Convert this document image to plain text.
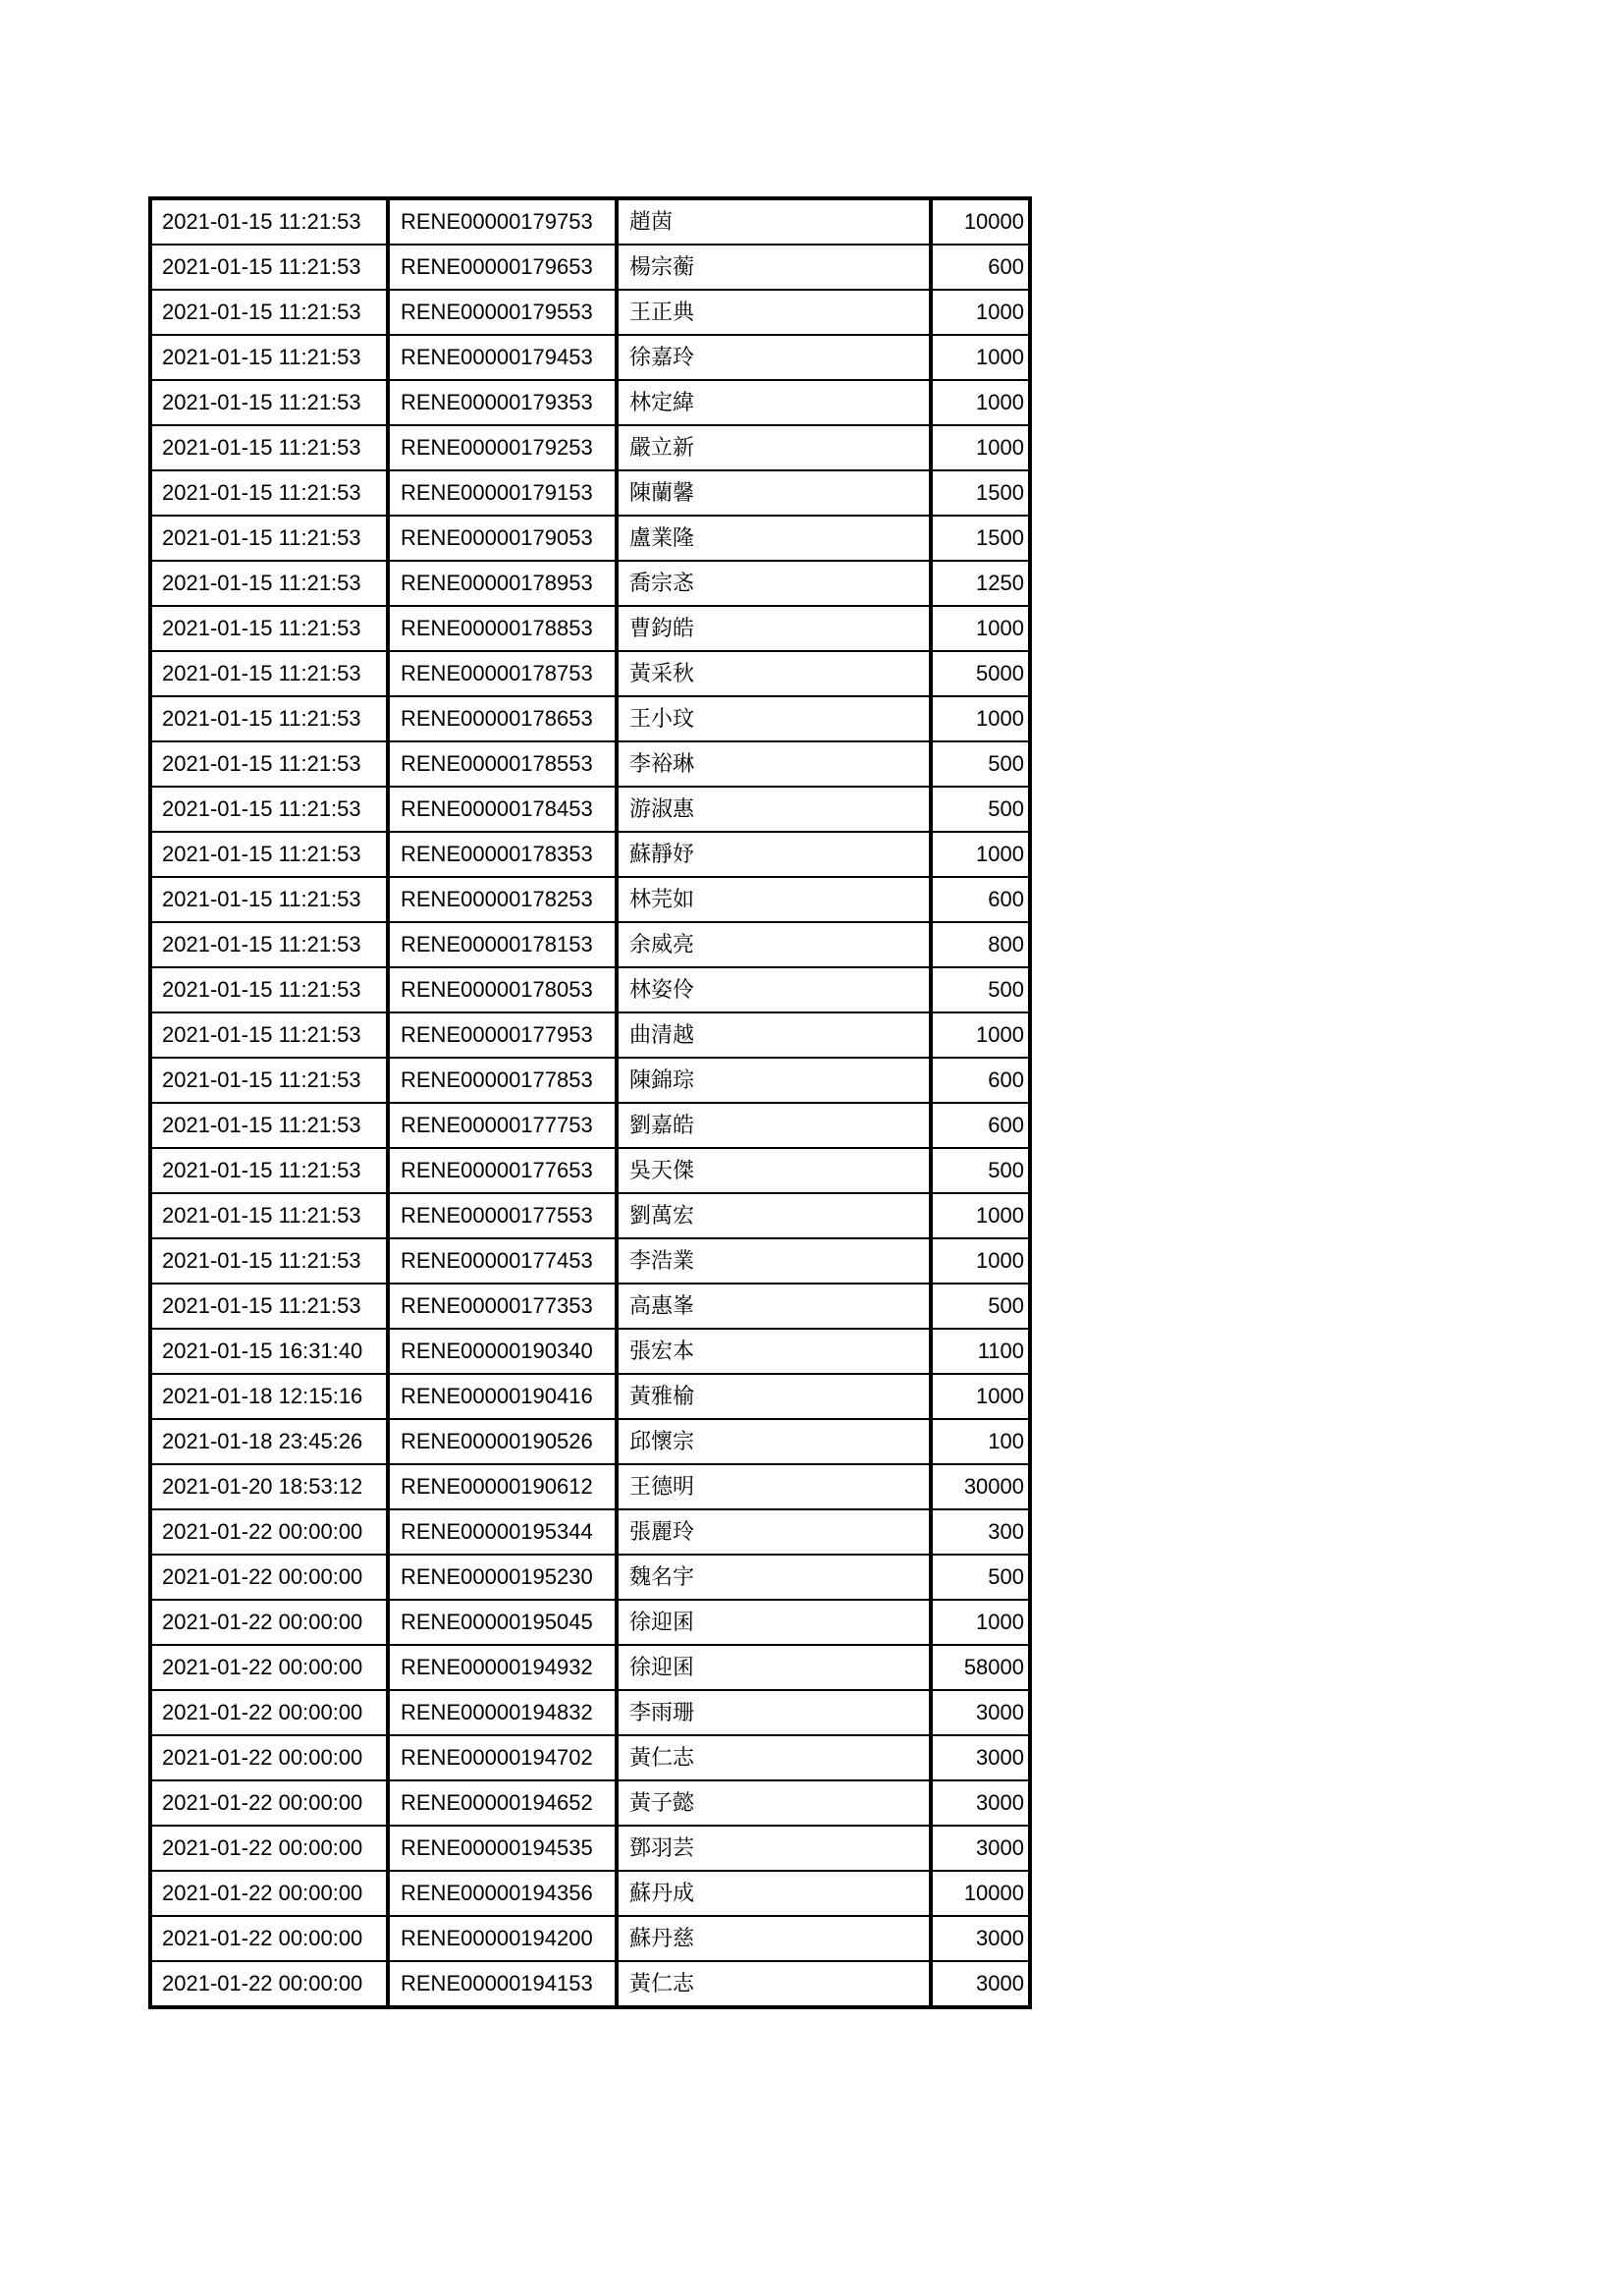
2021-01-15 11:21:53	RENE00000179753	趙茵	10000
2021-01-15 11:21:53	RENE00000179653	楊宗蘅	600
2021-01-15 11:21:53	RENE00000179553	王正典	1000
2021-01-15 11:21:53	RENE00000179453	徐嘉玲	1000
2021-01-15 11:21:53	RENE00000179353	林定緯	1000
2021-01-15 11:21:53	RENE00000179253	嚴立新	1000
2021-01-15 11:21:53	RENE00000179153	陳蘭馨	1500
2021-01-15 11:21:53	RENE00000179053	盧業隆	1500
2021-01-15 11:21:53	RENE00000178953	喬宗忞	1250
2021-01-15 11:21:53	RENE00000178853	曹鈞皓	1000
2021-01-15 11:21:53	RENE00000178753	黃采秋	5000
2021-01-15 11:21:53	RENE00000178653	王小玟	1000
2021-01-15 11:21:53	RENE00000178553	李裕琳	500
2021-01-15 11:21:53	RENE00000178453	游淑惠	500
2021-01-15 11:21:53	RENE00000178353	蘇靜妤	1000
2021-01-15 11:21:53	RENE00000178253	林芫如	600
2021-01-15 11:21:53	RENE00000178153	余威亮	800
2021-01-15 11:21:53	RENE00000178053	林姿伶	500
2021-01-15 11:21:53	RENE00000177953	曲清越	1000
2021-01-15 11:21:53	RENE00000177853	陳錦琮	600
2021-01-15 11:21:53	RENE00000177753	劉嘉皓	600
2021-01-15 11:21:53	RENE00000177653	吳天傑	500
2021-01-15 11:21:53	RENE00000177553	劉萬宏	1000
2021-01-15 11:21:53	RENE00000177453	李浩業	1000
2021-01-15 11:21:53	RENE00000177353	高惠峯	500
2021-01-15 16:31:40	RENE00000190340	張宏本	1100
2021-01-18 12:15:16	RENE00000190416	黃雅榆	1000
2021-01-18 23:45:26	RENE00000190526	邱懷宗	100
2021-01-20 18:53:12	RENE00000190612	王德明	30000
2021-01-22 00:00:00	RENE00000195344	張麗玲	300
2021-01-22 00:00:00	RENE00000195230	魏名宇	500
2021-01-22 00:00:00	RENE00000195045	徐迎囷	1000
2021-01-22 00:00:00	RENE00000194932	徐迎囷	58000
2021-01-22 00:00:00	RENE00000194832	李雨珊	3000
2021-01-22 00:00:00	RENE00000194702	黃仁志	3000
2021-01-22 00:00:00	RENE00000194652	黃子懿	3000
2021-01-22 00:00:00	RENE00000194535	鄧羽芸	3000
2021-01-22 00:00:00	RENE00000194356	蘇丹成	10000
2021-01-22 00:00:00	RENE00000194200	蘇丹慈	3000
2021-01-22 00:00:00	RENE00000194153	黃仁志	3000
